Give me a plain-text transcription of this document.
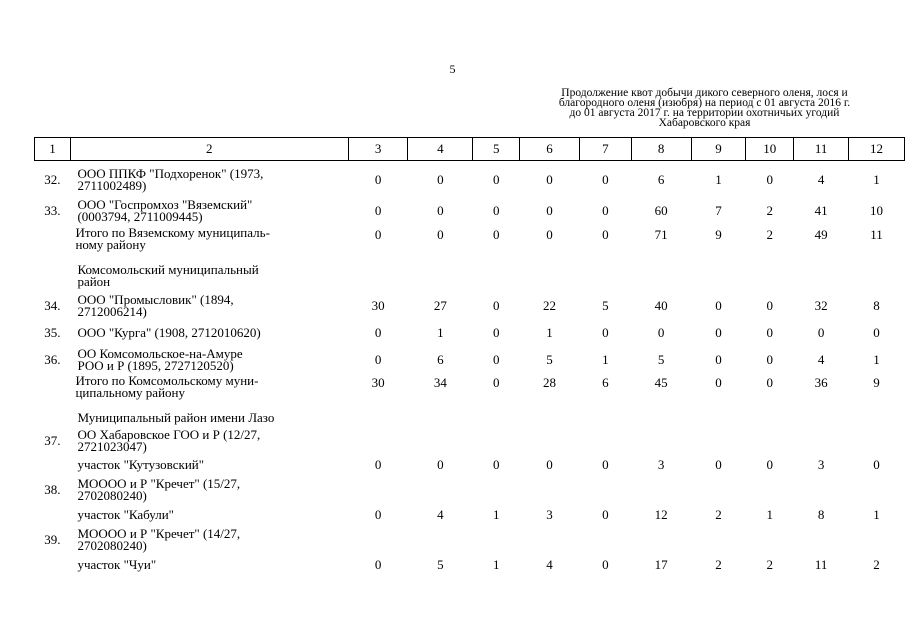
5
Продолжение квот добычи дикого северного оленя, лося и
благородного оленя (изюбря) на период с 01 августа 2016 г.
до 01 августа 2017 г. на территории охотничьих угодий
Хабаровского края
1	2	3	4	5	6	7	8	9	10	11	12

32.	ООО ППКФ "Подхоренок" (1973,
2711002489)	0	0	0	0	0	6	1	0	4	1
33.	ООО "Госпромхоз "Вяземский"
(0003794, 2711009445)	0	0	0	0	0	60	7	2	41	10

	Итого по Вяземскому муниципаль-
ному району	0	0	0	0	0	71	9	2	49	11

	Комсомольский муниципальный
район										

34.	ООО "Промысловик" (1894,
2712006214)	30	27	0	22	5	40	0	0	32	8
35.	ООО "Курга" (1908, 2712010620)	0	1	0	1	0	0	0	0	0	0
36.	ОО Комсомольское-на-Амуре
РОО и Р (1895, 2727120520)	0	6	0	5	1	5	0	0	4	1

	Итого по Комсомольскому муни-
ципальному району	30	34	0	28	6	45	0	0	36	9

	Муниципальный район имени Лазо										

37.	ОО Хабаровское ГОО и Р (12/27,
2721023047)										

	участок "Кутузовский"	0	0	0	0	0	3	0	0	3	0
38.	МОООО и Р "Кречет" (15/27,
2702080240)										

	участок "Кабули"	0	4	1	3	0	12	2	1	8	1
39.	МОООО и Р "Кречет" (14/27,
2702080240)										

	участок "Чуи"	0	5	1	4	0	17	2	2	11	2
